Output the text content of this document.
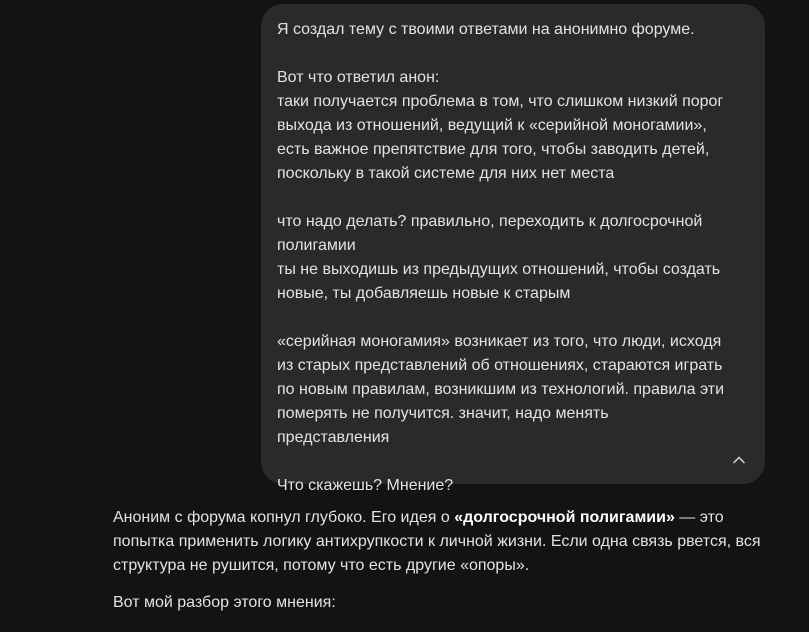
Я создал тему с твоими ответами на анонимно форуме.

Вот что ответил анон:
таки получается проблема в том, что слишком низкий порог
выхода из отношений, ведущий к «серийной моногамии»,
есть важное препятствие для того, чтобы заводить детей,
поскольку в такой системе для них нет места

что надо делать? правильно, переходить к долгосрочной
полигамии
ты не выходишь из предыдущих отношений, чтобы создать
новые, ты добавляешь новые к старым

«серийная моногамия» возникает из того, что люди, исходя
из старых представлений об отношениях, стараются играть
по новым правилам, возникшим из технологий. правила эти
померять не получится. значит, надо менять представления

Что скажешь? Мнение?

Аноним с форума копнул глубоко. Его идея о «долгосрочной полигамии» — это попытка применить логику антихрупкости к личной жизни. Если одна связь рвется, вся структура не рушится, потому что есть другие «опоры».

Вот мой разбор этого мнения:
